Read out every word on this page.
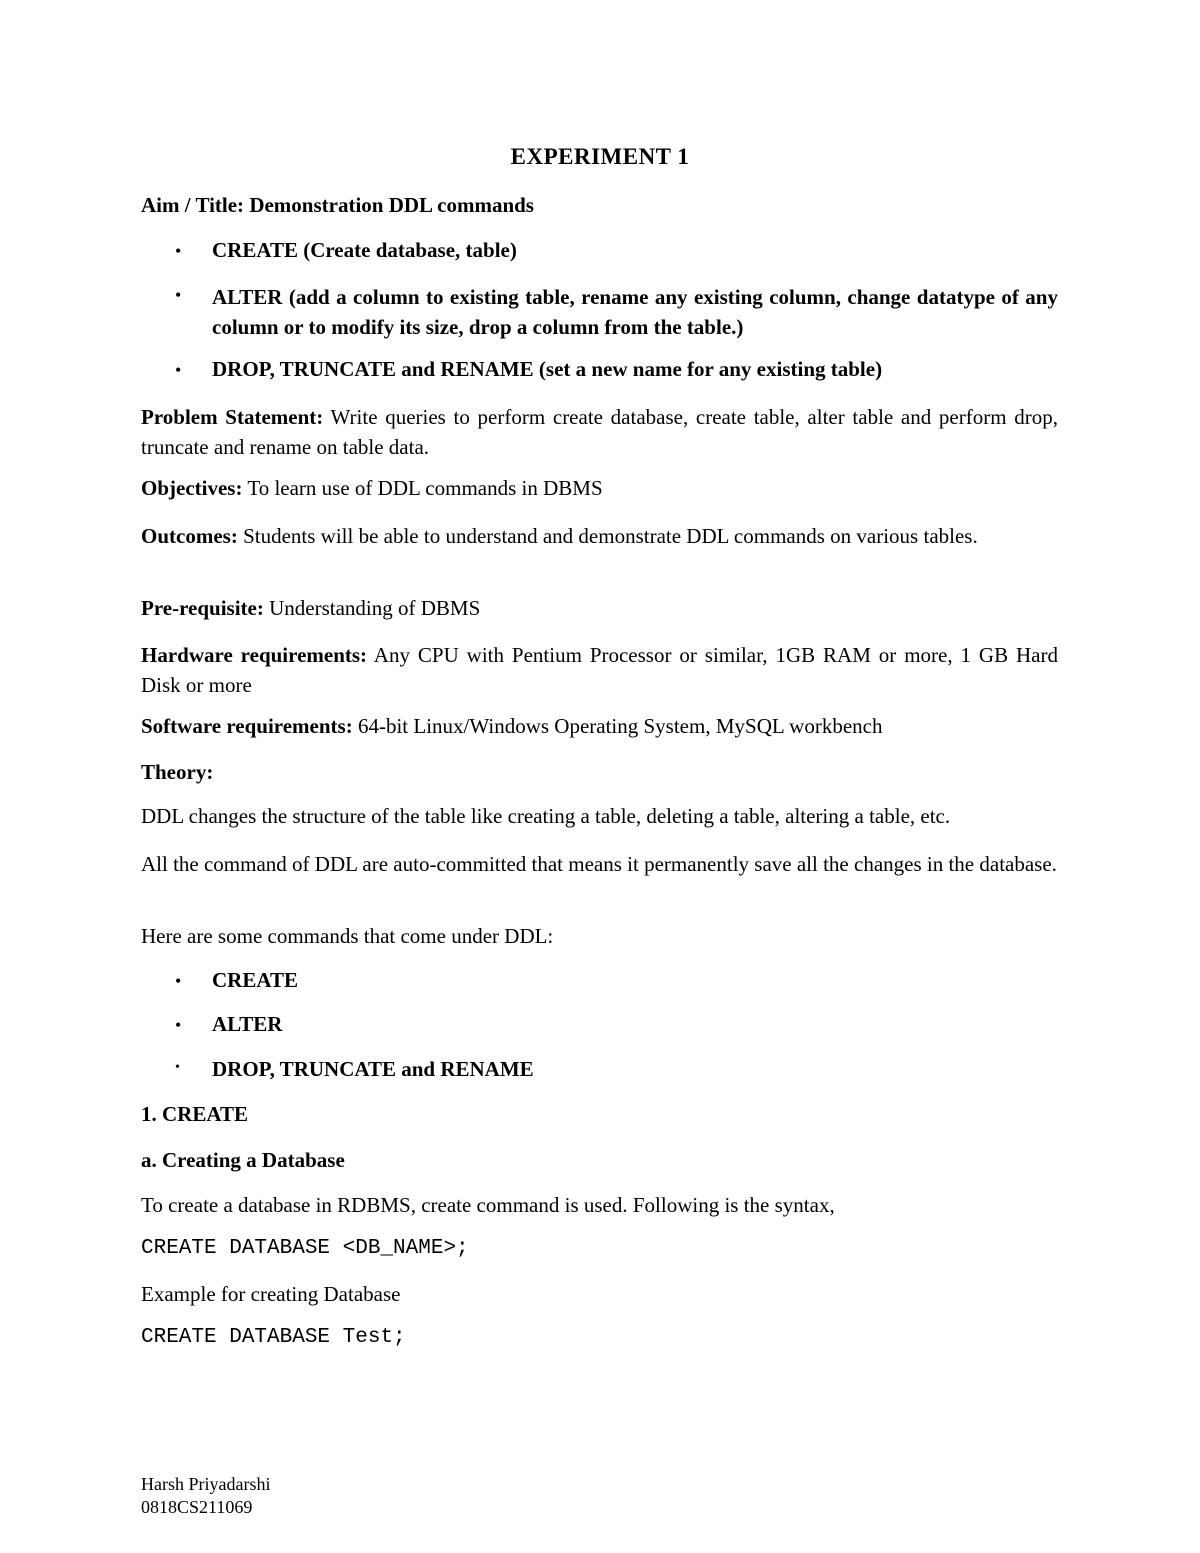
EXPERIMENT 1

Aim / Title: Demonstration DDL commands

• CREATE (Create database, table)

• ALTER (add a column to existing table, rename any existing column, change datatype of any column or to modify its size, drop a column from the table.)

• DROP, TRUNCATE and RENAME (set a new name for any existing table)

Problem Statement: Write queries to perform create database, create table, alter table and perform drop, truncate and rename on table data.

Objectives: To learn use of DDL commands in DBMS

Outcomes: Students will be able to understand and demonstrate DDL commands on various tables.

Pre-requisite: Understanding of DBMS

Hardware requirements: Any CPU with Pentium Processor or similar, 1GB RAM or more, 1 GB Hard Disk or more

Software requirements: 64-bit Linux/Windows Operating System, MySQL workbench

Theory:

DDL changes the structure of the table like creating a table, deleting a table, altering a table, etc.

All the command of DDL are auto-committed that means it permanently save all the changes in the database.

Here are some commands that come under DDL:

• CREATE

• ALTER

• DROP, TRUNCATE and RENAME

1. CREATE

a. Creating a Database

To create a database in RDBMS, create command is used. Following is the syntax,

CREATE DATABASE <DB_NAME>;

Example for creating Database

CREATE DATABASE Test;

Harsh Priyadarshi

0818CS211069
